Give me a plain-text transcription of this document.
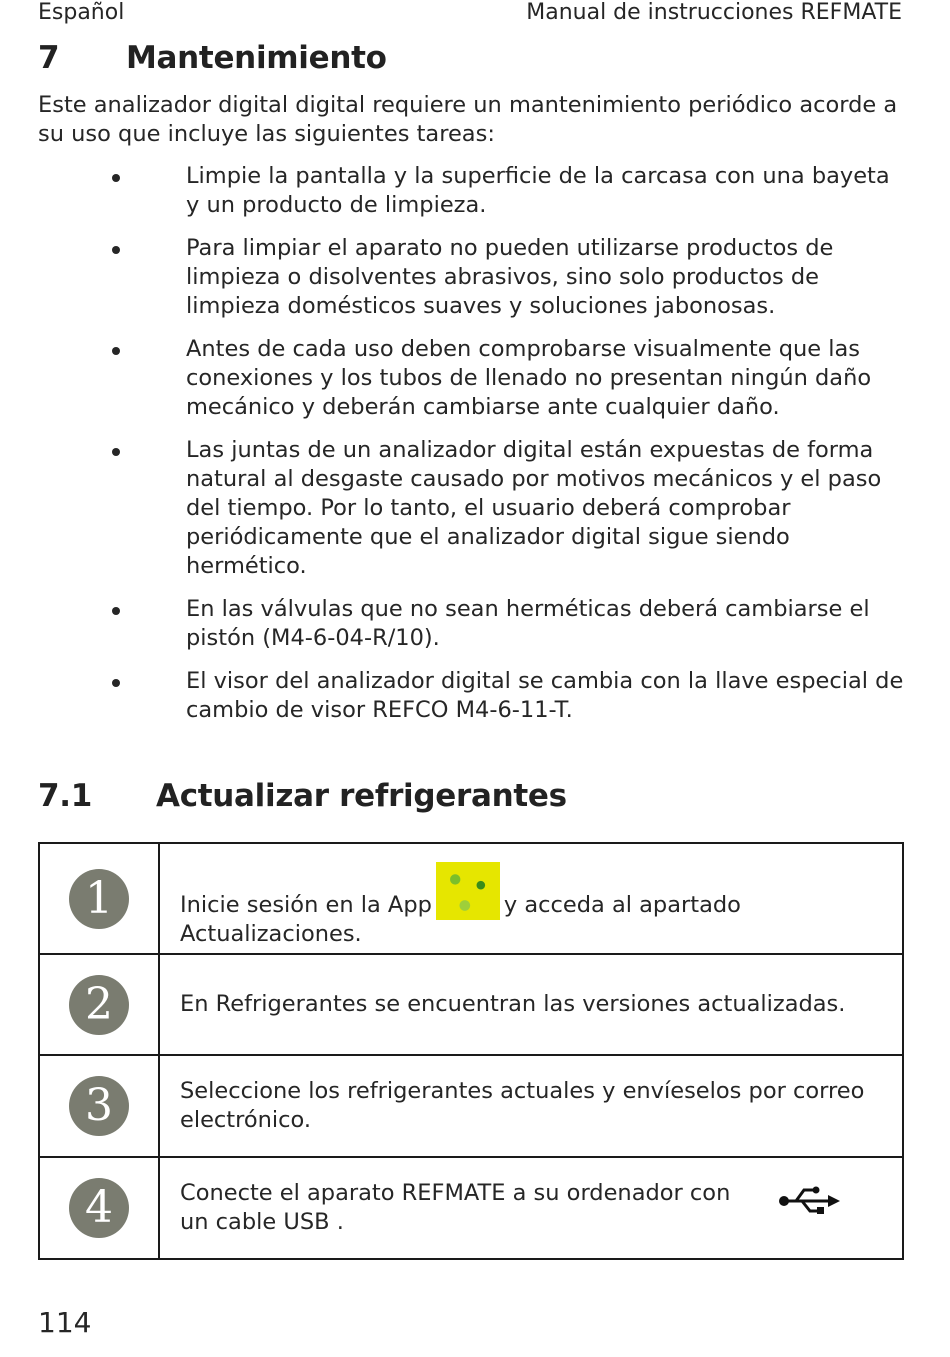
Español	Manual de instrucciones REFMATE
7 Mantenimiento

Este analizador digital digital requiere un mantenimiento periódico acorde a su uso que incluye las siguientes tareas:

Limpie la pantalla y la superficie de la carcasa con una bayeta y un producto de limpieza.
Para limpiar el aparato no pueden utilizarse productos de limpieza o disolventes abrasivos, sino solo productos de limpieza domésticos suaves y soluciones jabonosas.
Antes de cada uso deben comprobarse visualmente que las conexiones y los tubos de llenado no presentan ningún daño mecánico y deberán cambiarse ante cualquier daño.
Las juntas de un analizador digital están expuestas de forma natural al desgaste causado por motivos mecánicos y el paso del tiempo. Por lo tanto, el usuario deberá comprobar periódicamente que el analizador digital sigue siendo hermético.
En las válvulas que no sean herméticas deberá cambiarse el pistón (M4-6-04-R/10).
El visor del analizador digital se cambia con la llave especial de cambio de visor REFCO M4-6-11-T.
7.1 Actualizar refrigerantes
1	Inicie sesión en la App y acceda al apartado Actualizaciones.
2	En Refrigerantes se encuentran las versiones actualizadas.
3	Seleccione los refrigerantes actuales y envíeselos por correo electrónico.
4	Conecte el aparato REFMATE a su ordenador con un cable USB .
114
